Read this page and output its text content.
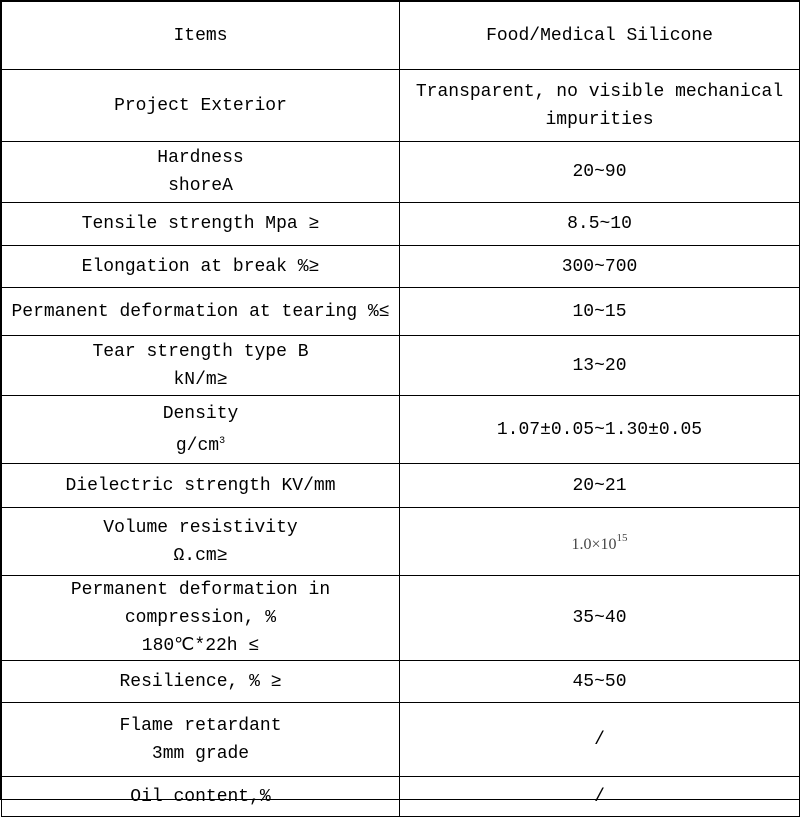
Items	Food/Medical Silicone

Project Exterior	Transparent, no visible mechanical
impurities

Hardness
shoreA	20~90

Tensile strength Mpa ≥	8.5~10

Elongation at break %≥	300~700

Permanent deformation at tearing %≤	10~15

Tear strength type B
kN/m≥	13~20

Density
$g/cm^3$	1.07±0.05~1.30±0.05

Dielectric strength KV/mm	20~21

Volume resistivity
Ω.cm≥	$1.0\times 10^{15}$

Permanent deformation in compression, %
180℃*22h ≤	35~40

Resilience, % ≥	45~50

Flame retardant
3mm grade	/

Oil content,%	/
